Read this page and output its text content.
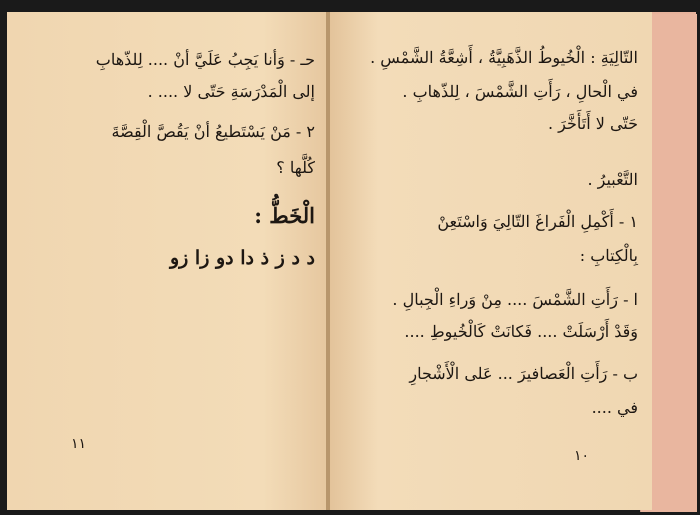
حـ - وَأنا يَجِبُ عَلَيَّ أنْ .... لِلذّهابِ
إلى الْمَدْرَسَةِ حَتّى لا .... .
٢ - مَنْ يَسْتَطيعُ أنْ يَقُصَّ الْقِصَّةَ
كُلَّها ؟
الْخَطُّ :
د د ز ذ دا دو زا زو
١١
التّالِيَةِ : الْخُيوطُ الذَّهَبِيَّةُ ، أَشِعَّةُ الشَّمْسِ .
في الْحالِ ، رَأَتِ الشَّمْسَ ، لِلذّهابِ .
حَتّى لا أَتَأَخَّرَ .
التَّعْبيرُ .
١ - أَكْمِلِ الْفَراغَ التّالِيَ وَاسْتَعِنْ
بِالْكِتابِ :
ا - رَأَتِ الشَّمْسَ .... مِنْ وَراءِ الْجِبالِ .
وَقَدْ أَرْسَلَتْ .... فَكانَتْ كَالْخُيوطِ ....
ب - رَأَتِ الْعَصافيرَ ... عَلى الْأَشْجارِ
في ....
١٠
